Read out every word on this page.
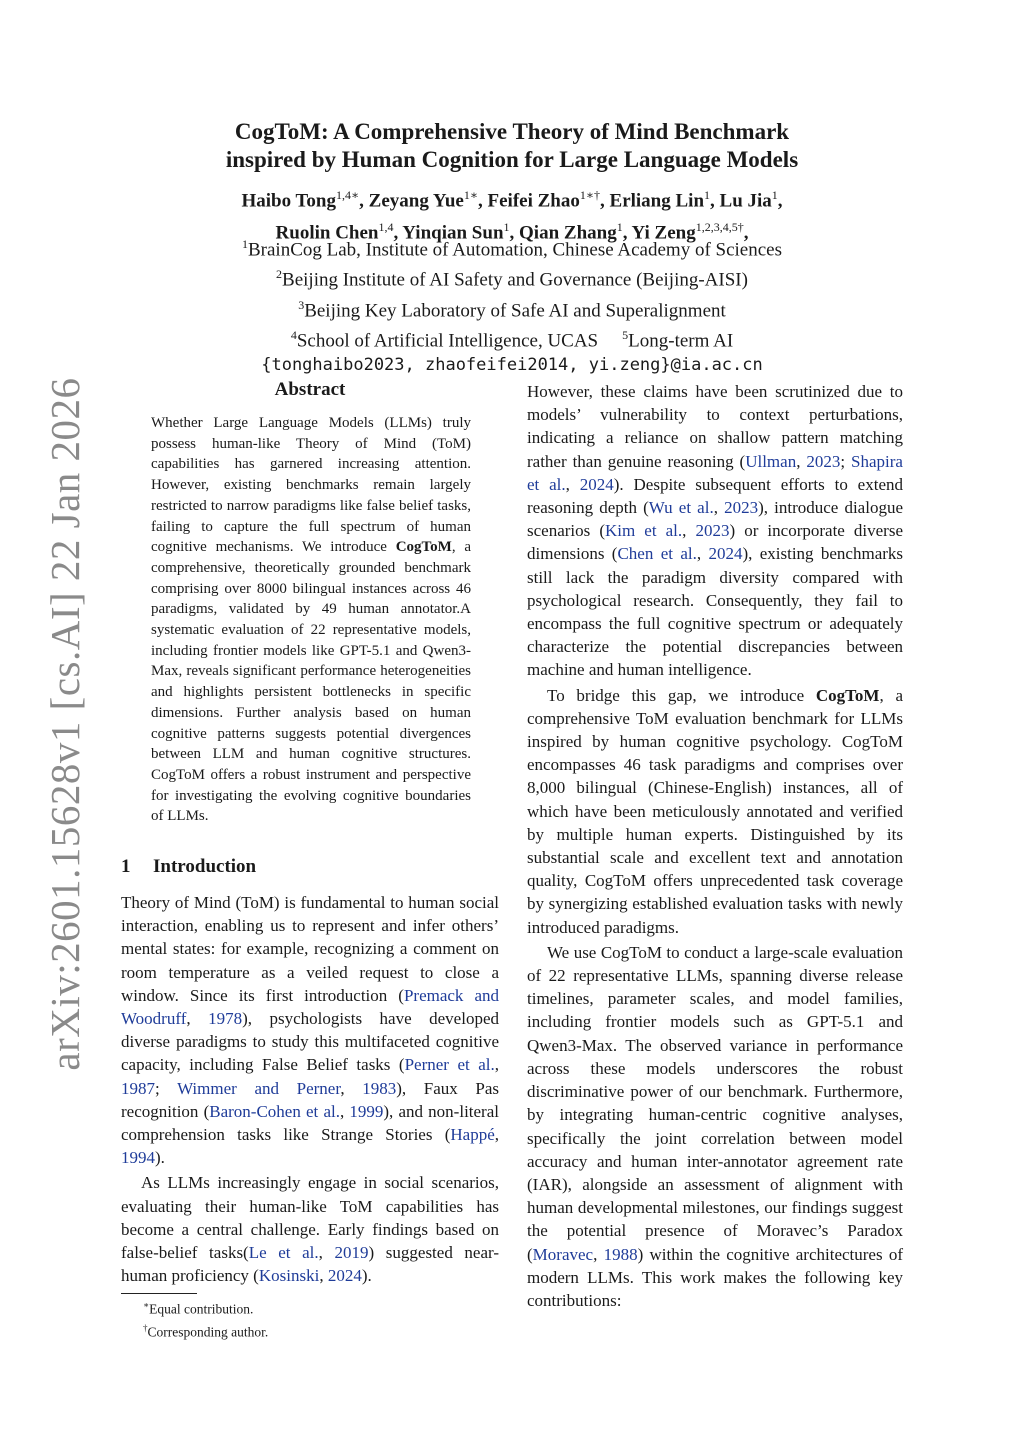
arXiv:2601.15628v1 [cs.AI] 22 Jan 2026
CogToM: A Comprehensive Theory of Mind Benchmark
inspired by Human Cognition for Large Language Models
Haibo Tong$^{1,4∗}$, Zeyang Yue$^{1∗}$, Feifei Zhao$^{1∗\dagger}$, Erliang Lin$^1$, Lu Jia$^1$,
Ruolin Chen$^{1,4}$, Yinqian Sun$^1$, Qian Zhang$^1$, Yi Zeng$^{1,2,3,4,5\dagger}$,
$^1$BrainCog Lab, Institute of Automation, Chinese Academy of Sciences
$^2$Beijing Institute of AI Safety and Governance (Beijing-AISI)
$^3$Beijing Key Laboratory of Safe AI and Superalignment
$^4$School of Artificial Intelligence, UCAS $^5$Long-term AI
{tonghaibo2023, zhaofeifei2014, yi.zeng}@ia.ac.cn
Abstract

Whether Large Language Models (LLMs) truly possess human-like Theory of Mind (ToM) capabilities has garnered increasing attention. However, existing benchmarks remain largely restricted to narrow paradigms like false belief tasks, failing to capture the full spectrum of human cognitive mechanisms. We introduce CogToM, a comprehensive, theoretically grounded benchmark comprising over 8000 bilingual instances across 46 paradigms, validated by 49 human annotator.A systematic evaluation of 22 representative models, including frontier models like GPT-5.1 and Qwen3-Max, reveals significant performance heterogeneities and highlights persistent bottlenecks in specific dimensions. Further analysis based on human cognitive patterns suggests potential divergences between LLM and human cognitive structures. CogToM offers a robust instrument and perspective for investigating the evolving cognitive boundaries of LLMs.

1 Introduction

Theory of Mind (ToM) is fundamental to human social interaction, enabling us to represent and infer others’ mental states: for example, recognizing a comment on room temperature as a veiled request to close a window. Since its first introduction (Premack and Woodruff, 1978), psychologists have developed diverse paradigms to study this multifaceted cognitive capacity, including False Belief tasks (Perner et al., 1987; Wimmer and Perner, 1983), Faux Pas recognition (Baron-Cohen et al., 1999), and non-literal comprehension tasks like Strange Stories (Happé, 1994).

As LLMs increasingly engage in social scenarios, evaluating their human-like ToM capabilities has become a central challenge. Early findings based on false-belief tasks(Le et al., 2019) suggested near-human proficiency (Kosinski, 2024).

∗Equal contribution.
†Corresponding author.

However, these claims have been scrutinized due to models’ vulnerability to context perturbations, indicating a reliance on shallow pattern matching rather than genuine reasoning (Ullman, 2023; Shapira et al., 2024). Despite subsequent efforts to extend reasoning depth (Wu et al., 2023), introduce dialogue scenarios (Kim et al., 2023) or incorporate diverse dimensions (Chen et al., 2024), existing benchmarks still lack the paradigm diversity compared with psychological research. Consequently, they fail to encompass the full cognitive spectrum or adequately characterize the potential discrepancies between machine and human intelligence.

To bridge this gap, we introduce CogToM, a comprehensive ToM evaluation benchmark for LLMs inspired by human cognitive psychology. CogToM encompasses 46 task paradigms and comprises over 8,000 bilingual (Chinese-English) instances, all of which have been meticulously annotated and verified by multiple human experts. Distinguished by its substantial scale and excellent text and annotation quality, CogToM offers unprecedented task coverage by synergizing established evaluation tasks with newly introduced paradigms.

We use CogToM to conduct a large-scale evaluation of 22 representative LLMs, spanning diverse release timelines, parameter scales, and model families, including frontier models such as GPT-5.1 and Qwen3-Max. The observed variance in performance across these models underscores the robust discriminative power of our benchmark. Furthermore, by integrating human-centric cognitive analyses, specifically the joint correlation between model accuracy and human inter-annotator agreement rate (IAR), alongside an assessment of alignment with human developmental milestones, our findings suggest the potential presence of Moravec’s Paradox (Moravec, 1988) within the cognitive architectures of modern LLMs. This work makes the following key contributions:
